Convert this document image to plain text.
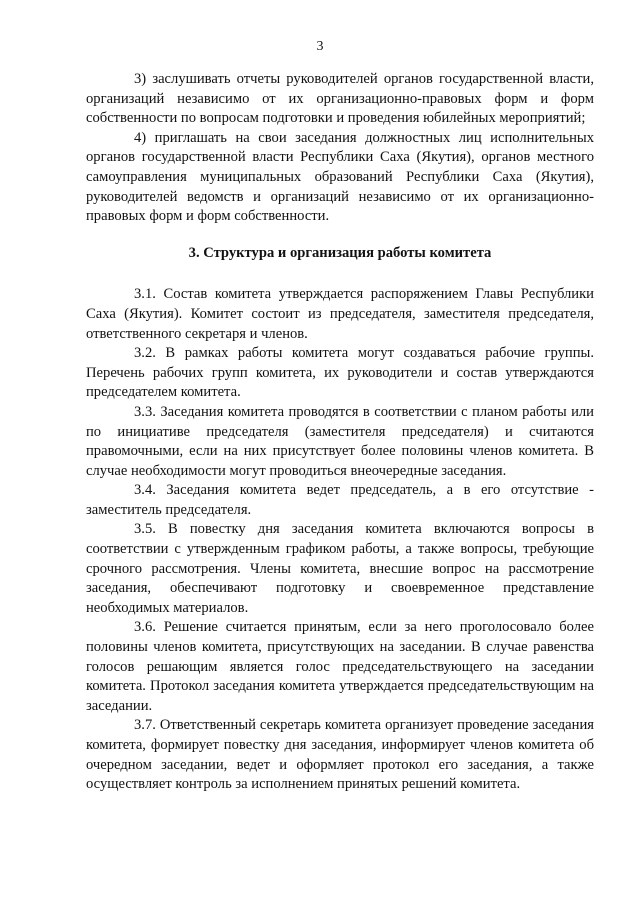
3

3) заслушивать отчеты руководителей органов государственной власти, организаций независимо от их организационно-правовых форм и форм собственности по вопросам подготовки и проведения юбилейных мероприятий;

4) приглашать на свои заседания должностных лиц исполнительных органов государственной власти Республики Саха (Якутия), органов местного самоуправления муниципальных образований Республики Саха (Якутия), руководителей ведомств и организаций независимо от их организационно-правовых форм и форм собственности.

3. Структура и организация работы комитета

3.1. Состав комитета утверждается распоряжением Главы Республики Саха (Якутия). Комитет состоит из председателя, заместителя председателя, ответственного секретаря и членов.

3.2. В рамках работы комитета могут создаваться рабочие группы. Перечень рабочих групп комитета, их руководители и состав утверждаются председателем комитета.

3.3. Заседания комитета проводятся в соответствии с планом работы или по инициативе председателя (заместителя председателя) и считаются правомочными, если на них присутствует более половины членов комитета. В случае необходимости могут проводиться внеочередные заседания.

3.4. Заседания комитета ведет председатель, а в его отсутствие - заместитель председателя.

3.5. В повестку дня заседания комитета включаются вопросы в соответствии с утвержденным графиком работы, а также вопросы, требующие срочного рассмотрения. Члены комитета, внесшие вопрос на рассмотрение заседания, обеспечивают подготовку и своевременное представление необходимых материалов.

3.6. Решение считается принятым, если за него проголосовало более половины членов комитета, присутствующих на заседании. В случае равенства голосов решающим является голос председательствующего на заседании комитета. Протокол заседания комитета утверждается председательствующим на заседании.

3.7. Ответственный секретарь комитета организует проведение заседания комитета, формирует повестку дня заседания, информирует членов комитета об очередном заседании, ведет и оформляет протокол его заседания, а также осуществляет контроль за исполнением принятых решений комитета.
